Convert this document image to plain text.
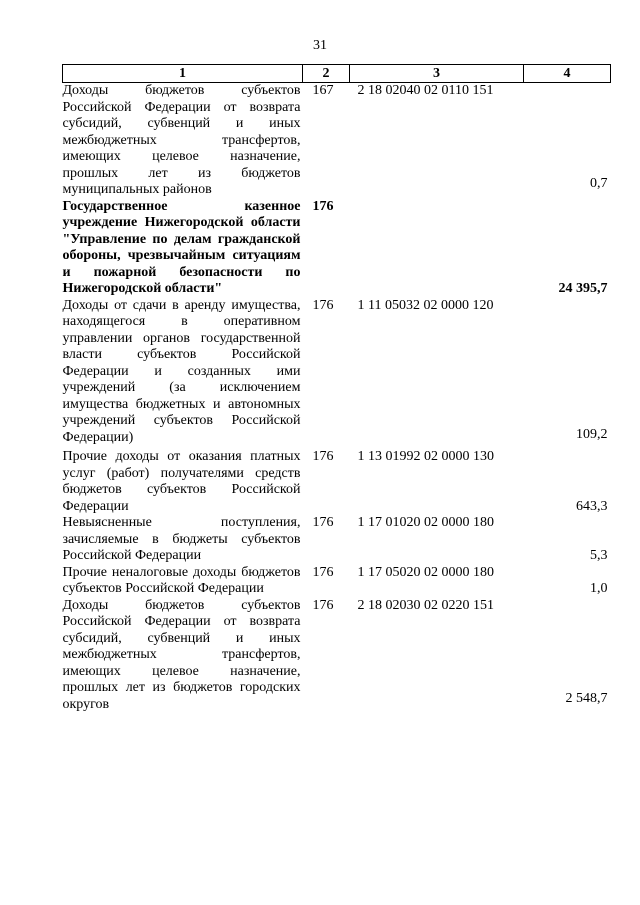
31
1	2	3	4
Доходы бюджетов субъектов Российской Федерации от возврата субсидий, субвенций и иных межбюджетных трансфертов, имеющих целевое назначение, прошлых лет из бюджетов муниципальных районов	167	2 18 02040 02 0110 151	0,7
Государственное казенное учреждение Нижегородской области "Управление по делам гражданской обороны, чрезвычайным ситуациям и пожарной безопасности по Нижегородской области"	176		24 395,7
Доходы от сдачи в аренду имущества, находящегося в оперативном управлении органов государственной власти субъектов Российской Федерации и созданных ими учреждений (за исключением имущества бюджетных и автономных учреждений субъектов Российской Федерации)	176	1 11 05032 02 0000 120	109,2
Прочие доходы от оказания платных услуг (работ) получателями средств бюджетов субъектов Российской Федерации	176	1 13 01992 02 0000 130	643,3
Невыясненные поступления, зачисляемые в бюджеты субъектов Российской Федерации	176	1 17 01020 02 0000 180	5,3
Прочие неналоговые доходы бюджетов субъектов Российской Федерации	176	1 17 05020 02 0000 180	1,0
Доходы бюджетов субъектов Российской Федерации от возврата субсидий, субвенций и иных межбюджетных трансфертов, имеющих целевое назначение, прошлых лет из бюджетов городских округов	176	2 18 02030 02 0220 151	2 548,7
